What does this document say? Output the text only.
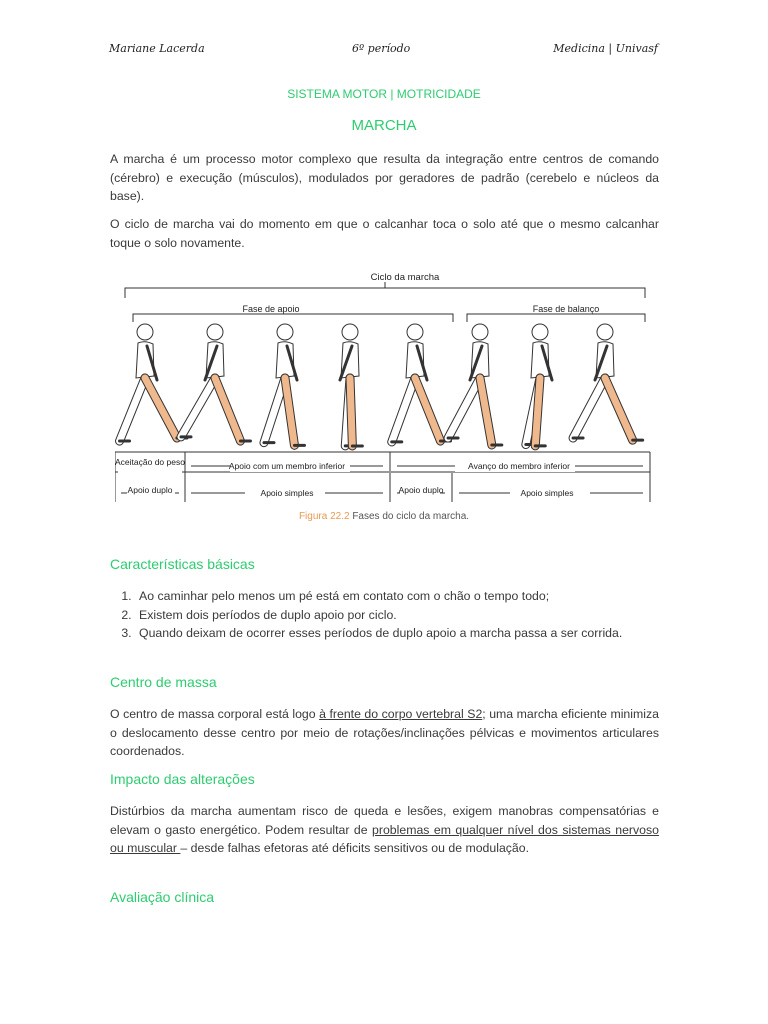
Mariane Lacerda	6º período	Medicina | Univasf
SISTEMA MOTOR | MOTRICIDADE
MARCHA

A marcha é um processo motor complexo que resulta da integração entre centros de comando (cérebro) e execução (músculos), modulados por geradores de padrão (cerebelo e núcleos da base).

O ciclo de marcha vai do momento em que o calcanhar toca o solo até que o mesmo calcanhar toque o solo novamente.

Ciclo da marcha
Fase de apoio	Fase de balanço
Aceitação do peso	Apoio com um membro inferior	Avanço do membro inferior
Apoio duplo	Apoio simples	Apoio duplo	Apoio simples
Figura 22.2 Fases do ciclo da marcha.
Características básicas
1. Ao caminhar pelo menos um pé está em contato com o chão o tempo todo;
2. Existem dois períodos de duplo apoio por ciclo.
3. Quando deixam de ocorrer esses períodos de duplo apoio a marcha passa a ser corrida.
Centro de massa

O centro de massa corporal está logo à frente do corpo vertebral S2; uma marcha eficiente minimiza o deslocamento desse centro por meio de rotações/inclinações pélvicas e movimentos articulares coordenados.

Impacto das alterações

Distúrbios da marcha aumentam risco de queda e lesões, exigem manobras compensatórias e elevam o gasto energético. Podem resultar de problemas em qualquer nível dos sistemas nervoso ou muscular – desde falhas efetoras até déficits sensitivos ou de modulação.

Avaliação clínica
